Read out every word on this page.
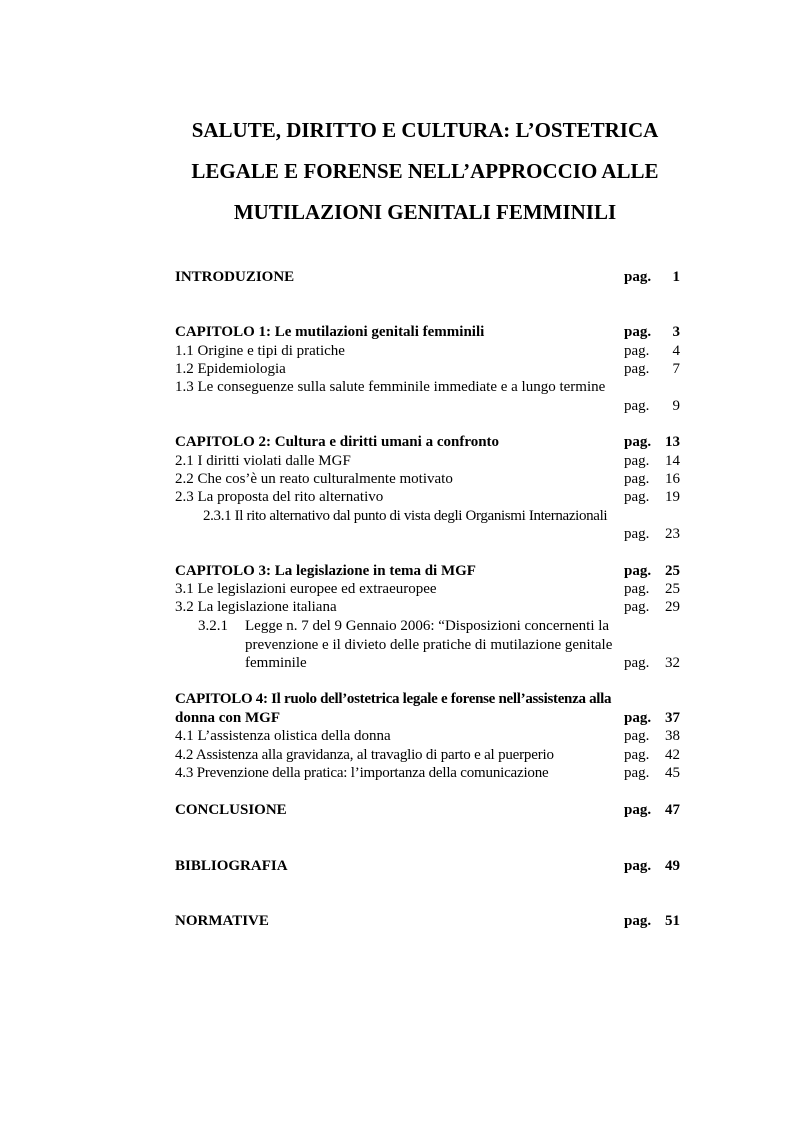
SALUTE, DIRITTO E CULTURA: L’OSTETRICA
LEGALE E FORENSE NELL’APPROCCIO ALLE
MUTILAZIONI GENITALI FEMMINILI
INTRODUZIONE	pag. 1
CAPITOLO 1: Le mutilazioni genitali femminili	pag. 3
1.1 Origine e tipi di pratiche	pag. 4
1.2 Epidemiologia	pag. 7
1.3 Le conseguenze sulla salute femminile immediate e a lungo termine
pag. 9
CAPITOLO 2: Cultura e diritti umani a confronto	pag. 13
2.1 I diritti violati dalle MGF	pag. 14
2.2 Che cos’è un reato culturalmente motivato	pag. 16
2.3 La proposta del rito alternativo	pag. 19
2.3.1 Il rito alternativo dal punto di vista degli Organismi Internazionali
pag. 23
CAPITOLO 3: La legislazione in tema di MGF	pag. 25
3.1 Le legislazioni europee ed extraeuropee	pag. 25
3.2 La legislazione italiana	pag. 29
3.2.1 Legge n. 7 del 9 Gennaio 2006: “Disposizioni concernenti la
prevenzione e il divieto delle pratiche di mutilazione genitale
femminile	pag. 32
CAPITOLO 4: Il ruolo dell’ostetrica legale e forense nell’assistenza alla
donna con MGF	pag. 37
4.1 L’assistenza olistica della donna	pag. 38
4.2 Assistenza alla gravidanza, al travaglio di parto e al puerperio	pag. 42
4.3 Prevenzione della pratica: l’importanza della comunicazione	pag. 45
CONCLUSIONE	pag. 47
BIBLIOGRAFIA	pag. 49
NORMATIVE	pag. 51
